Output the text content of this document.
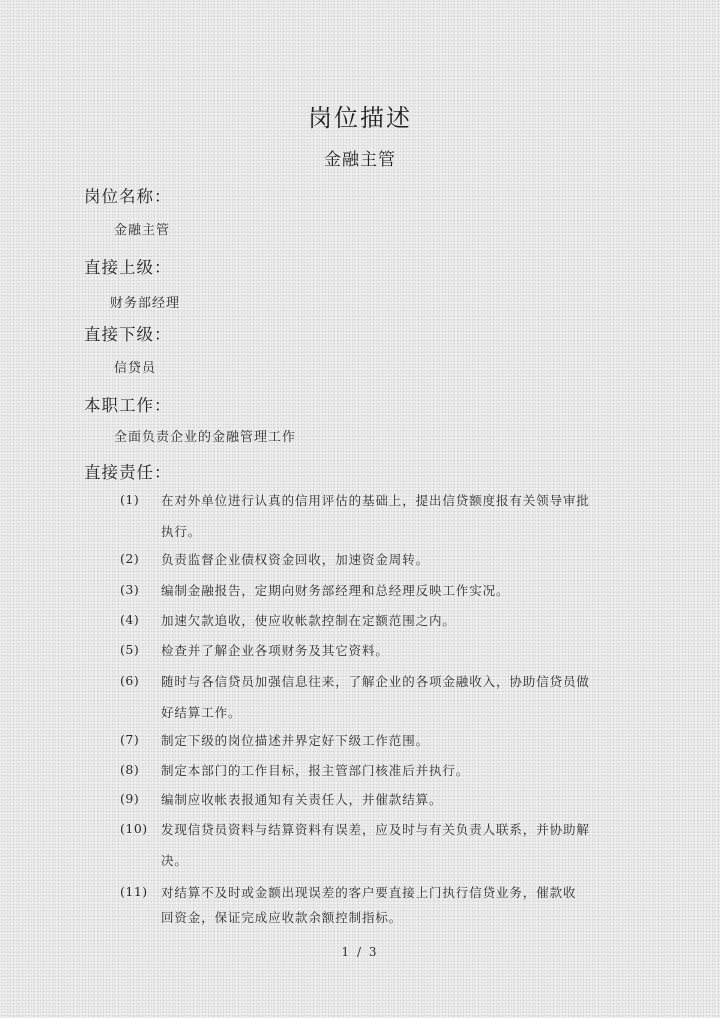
岗位描述
金融主管
岗位名称：
金融主管
直接上级：
财务部经理
直接下级：
信贷员
本职工作：
全面负责企业的金融管理工作
直接责任：
(1) 在对外单位进行认真的信用评估的基础上，提出信贷额度报有关领导审批
执行。
(2) 负责监督企业债权资金回收，加速资金周转。
(3) 编制金融报告，定期向财务部经理和总经理反映工作实况。
(4) 加速欠款追收，使应收帐款控制在定额范围之内。
(5) 检查并了解企业各项财务及其它资料。
(6) 随时与各信贷员加强信息往来，了解企业的各项金融收入，协助信贷员做
好结算工作。
(7) 制定下级的岗位描述并界定好下级工作范围。
(8) 制定本部门的工作目标，报主管部门核准后并执行。
(9) 编制应收帐表报通知有关责任人，并催款结算。
(10) 发现信贷员资料与结算资料有误差，应及时与有关负责人联系，并协助解
决。
(11) 对结算不及时或金额出现误差的客户要直接上门执行信贷业务，催款收
回资金，保证完成应收款余额控制指标。
1 / 3
